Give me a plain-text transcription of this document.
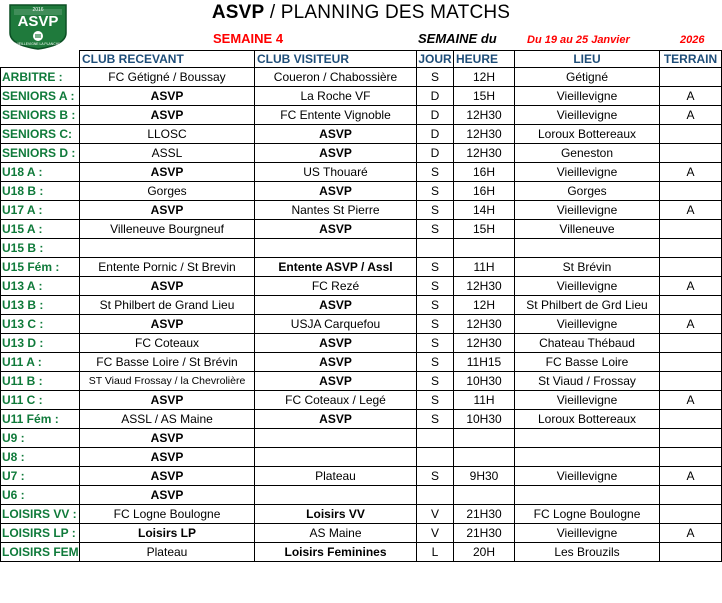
2016
ASVP
VIEILLEVIGNE LA PLANCHE
ASVP / PLANNING DES MATCHS
SEMAINE 4	SEMAINE du	Du 19 au 25 Janvier	2026
	CLUB RECEVANT	CLUB VISITEUR	JOUR	HEURE	LIEU	TERRAIN
ARBITRE :	FC Gétigné / Boussay	Coueron / Chabossière	S	12H	Gétigné	
SENIORS A :	ASVP	La Roche VF	D	15H	Vieillevigne	A
SENIORS B :	ASVP	FC Entente Vignoble	D	12H30	Vieillevigne	A
SENIORS C:	LLOSC	ASVP	D	12H30	Loroux Bottereaux	
SENIORS D :	ASSL	ASVP	D	12H30	Geneston	
U18 A :	ASVP	US Thouaré	S	16H	Vieillevigne	A
U18 B :	Gorges	ASVP	S	16H	Gorges	
U17 A :	ASVP	Nantes St Pierre	S	14H	Vieillevigne	A
U15 A :	Villeneuve Bourgneuf	ASVP	S	15H	Villeneuve	
U15 B :						
U15 Fém :	Entente Pornic / St Brevin	Entente ASVP / Assl	S	11H	St Brévin	
U13 A :	ASVP	FC Rezé	S	12H30	Vieillevigne	A
U13 B :	St Philbert de Grand Lieu	ASVP	S	12H	St Philbert de Grd Lieu	
U13 C :	ASVP	USJA Carquefou	S	12H30	Vieillevigne	A
U13 D :	FC Coteaux	ASVP	S	12H30	Chateau Thébaud	
U11 A :	FC Basse Loire / St Brévin	ASVP	S	11H15	FC Basse Loire	
U11 B :	ST Viaud Frossay / la Chevrolière	ASVP	S	10H30	St Viaud / Frossay	
U11 C :	ASVP	FC Coteaux / Legé	S	11H	Vieillevigne	A
U11 Fém :	ASSL / AS Maine	ASVP	S	10H30	Loroux Bottereaux	
U9 :	ASVP					
U8 :	ASVP					
U7 :	ASVP	Plateau	S	9H30	Vieillevigne	A
U6 :	ASVP					
LOISIRS VV :	FC Logne Boulogne	Loisirs VV	V	21H30	FC Logne Boulogne	
LOISIRS LP :	Loisirs LP	AS Maine	V	21H30	Vieillevigne	A
LOISIRS FEM	Plateau	Loisirs Feminines	L	20H	Les Brouzils	
